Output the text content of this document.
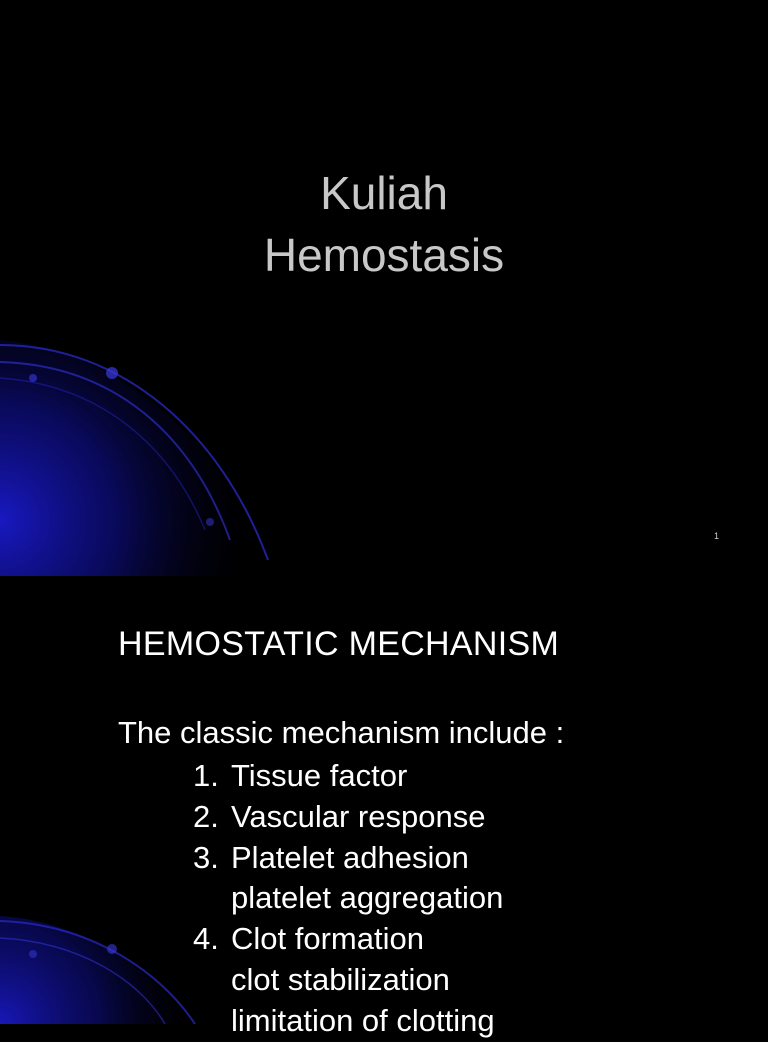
Kuliah
Hemostasis
1
HEMOSTATIC MECHANISM
The classic mechanism include :
1. Tissue factor
2. Vascular response
3. Platelet adhesion
platelet aggregation
4. Clot formation
clot stabilization
limitation of clotting
